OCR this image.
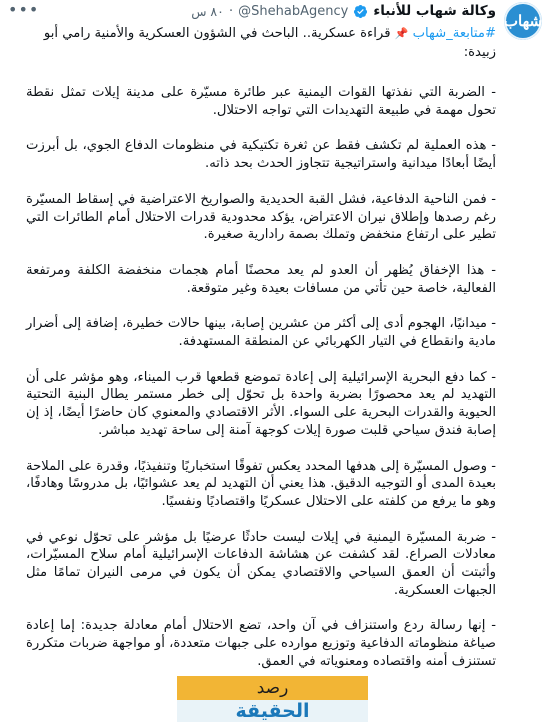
شهاب
وكالة شهاب للأنباء
@ShehabAgency
·
٨٠ س
•••
#متابعة_شهاب 📌 قراءة عسكرية.. الباحث في الشؤون العسكرية والأمنية رامي أبو زبيدة:

- الضربة التي نفذتها القوات اليمنية عبر طائرة مسيّرة على مدينة إيلات تمثل نقطة تحول مهمة في طبيعة التهديدات التي تواجه الاحتلال.

- هذه العملية لم تكشف فقط عن ثغرة تكتيكية في منظومات الدفاع الجوي، بل أبرزت أيضًا أبعادًا ميدانية واستراتيجية تتجاوز الحدث بحد ذاته.

- فمن الناحية الدفاعية، فشل القبة الحديدية والصواريخ الاعتراضية في إسقاط المسيّرة رغم رصدها وإطلاق نيران الاعتراض، يؤكد محدودية قدرات الاحتلال أمام الطائرات التي تطير على ارتفاع منخفض وتملك بصمة رادارية صغيرة.

- هذا الإخفاق يُظهر أن العدو لم يعد محصنًا أمام هجمات منخفضة الكلفة ومرتفعة الفعالية، خاصة حين تأتي من مسافات بعيدة وغير متوقعة.

- ميدانيًا، الهجوم أدى إلى أكثر من عشرين إصابة، بينها حالات خطيرة، إضافة إلى أضرار مادية وانقطاع في التيار الكهربائي عن المنطقة المستهدفة.

- كما دفع البحرية الإسرائيلية إلى إعادة تموضع قطعها قرب الميناء، وهو مؤشر على أن التهديد لم يعد محصورًا بضربة واحدة بل تحوّل إلى خطر مستمر يطال البنية التحتية الحيوية والقدرات البحرية على السواء. الأثر الاقتصادي والمعنوي كان حاضرًا أيضًا، إذ إن إصابة فندق سياحي قلبت صورة إيلات كوجهة آمنة إلى ساحة تهديد مباشر.

- وصول المسيّرة إلى هدفها المحدد يعكس تفوقًا استخباريًا وتنفيذيًا، وقدرة على الملاحة بعيدة المدى أو التوجيه الدقيق. هذا يعني أن التهديد لم يعد عشوائيًا، بل مدروسًا وهادفًا، وهو ما يرفع من كلفته على الاحتلال عسكريًا واقتصاديًا ونفسيًا.

- ضربة المسيّرة اليمنية في إيلات ليست حادثًا عرضيًا بل مؤشر على تحوّل نوعي في معادلات الصراع. لقد كشفت عن هشاشة الدفاعات الإسرائيلية أمام سلاح المسيّرات، وأثبتت أن العمق السياحي والاقتصادي يمكن أن يكون في مرمى النيران تمامًا مثل الجبهات العسكرية.

- إنها رسالة ردع واستنزاف في آن واحد، تضع الاحتلال أمام معادلة جديدة: إما إعادة صياغة منظوماته الدفاعية وتوزيع موارده على جبهات متعددة، أو مواجهة ضربات متكررة تستنزف أمنه واقتصاده ومعنوياته في العمق.

رصد
الحقيقة
